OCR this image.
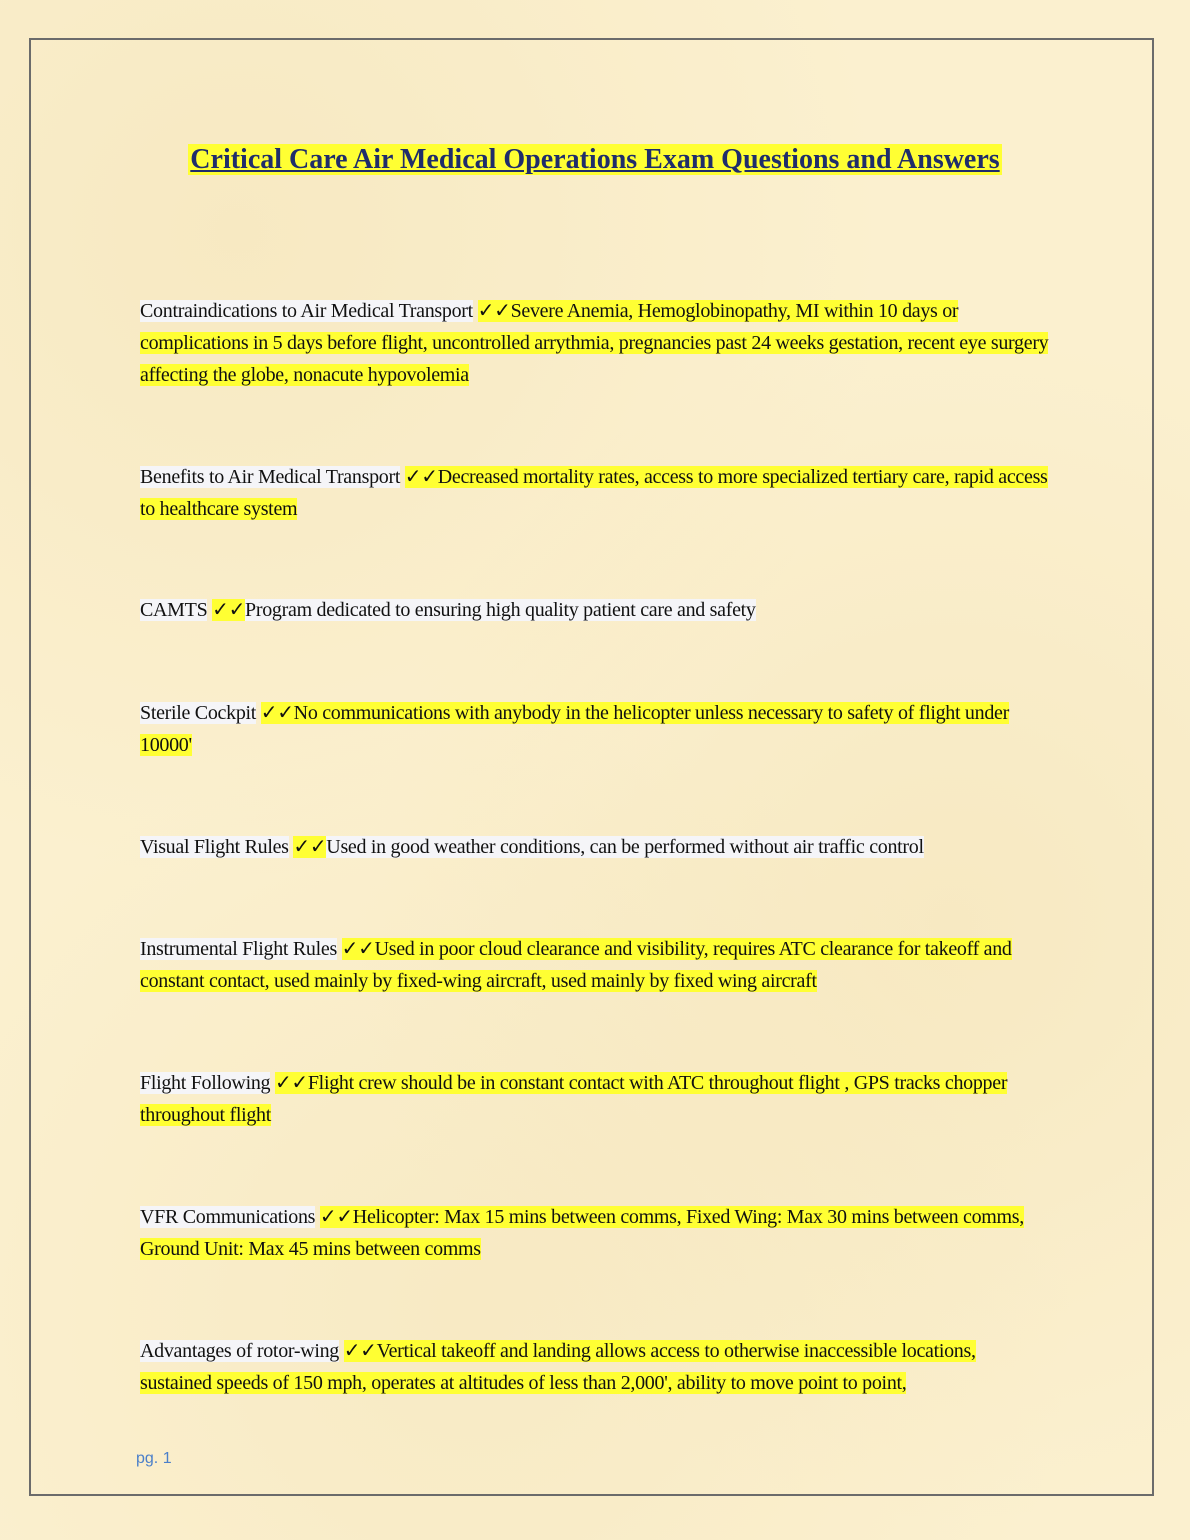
Critical Care Air Medical Operations Exam Questions and Answers
Contraindications to Air Medical Transport ✓✓Severe Anemia, Hemoglobinopathy, MI within 10 days or complications in 5 days before flight, uncontrolled arrythmia, pregnancies past 24 weeks gestation, recent eye surgery affecting the globe, nonacute hypovolemia
Benefits to Air Medical Transport ✓✓Decreased mortality rates, access to more specialized tertiary care, rapid access to healthcare system
CAMTS ✓✓Program dedicated to ensuring high quality patient care and safety
Sterile Cockpit ✓✓No communications with anybody in the helicopter unless necessary to safety of flight under 10000'
Visual Flight Rules ✓✓Used in good weather conditions, can be performed without air traffic control
Instrumental Flight Rules ✓✓Used in poor cloud clearance and visibility, requires ATC clearance for takeoff and constant contact, used mainly by fixed-wing aircraft, used mainly by fixed wing aircraft
Flight Following ✓✓Flight crew should be in constant contact with ATC throughout flight , GPS tracks chopper throughout flight
VFR Communications ✓✓Helicopter: Max 15 mins between comms, Fixed Wing: Max 30 mins between comms, Ground Unit: Max 45 mins between comms
Advantages of rotor-wing ✓✓Vertical takeoff and landing allows access to otherwise inaccessible locations, sustained speeds of 150 mph, operates at altitudes of less than 2,000', ability to move point to point,
pg. 1
